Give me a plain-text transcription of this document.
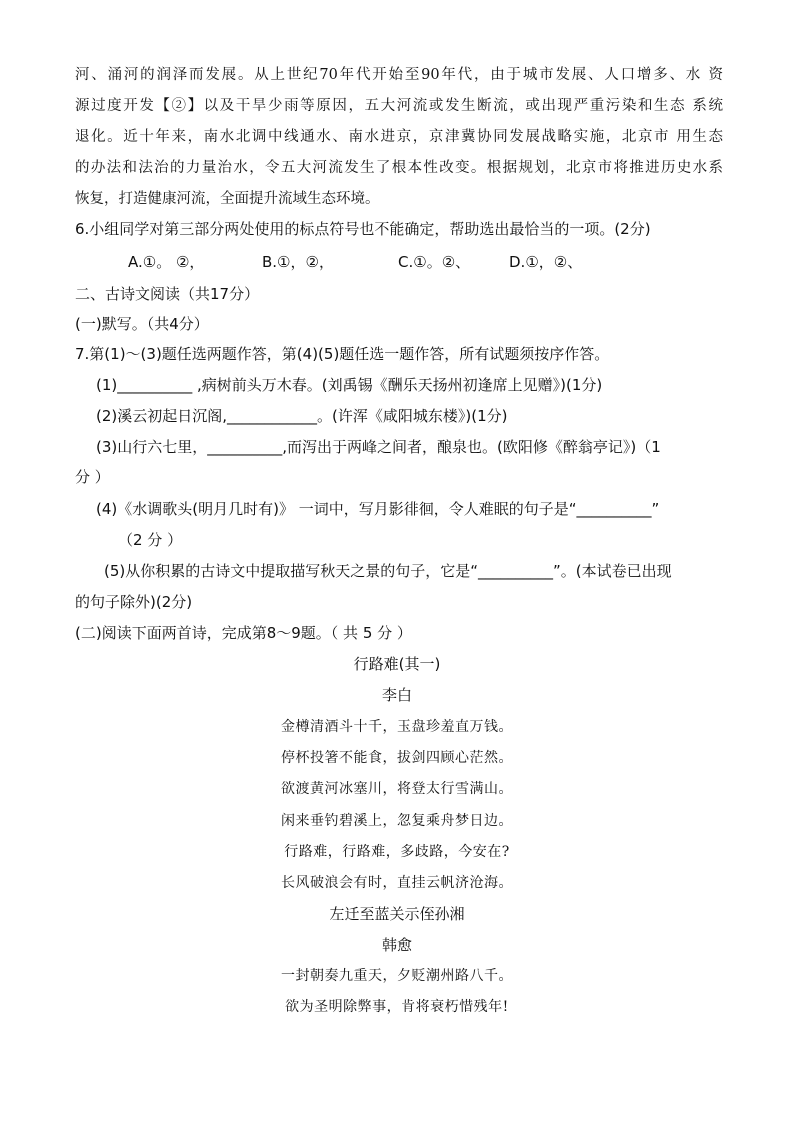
河、涌河的润泽而发展。从上世纪70年代开始至90年代，由于城市发展、人口增多、水 资
源过度开发【②】以及干旱少雨等原因，五大河流或发生断流，或出现严重污染和生态 系统
退化。近十年来，南水北调中线通水、南水进京，京津冀协同发展战略实施，北京市 用生态
的办法和法治的力量治水，令五大河流发生了根本性改变。根据规划，北京市将推进历史水系
恢复，打造健康河流，全面提升流域生态环境。
6.小组同学对第三部分两处使用的标点符号也不能确定，帮助选出最恰当的一项。(2分)
A.①。 ②，	B.①，②，	C.①。②、	D.①，②、
二、古诗文阅读（共17分）
(一)默写。（共4分）
7.第(1)～(3)题任选两题作答，第(4)(5)题任选一题作答，所有试题须按序作答。
(1)__________ ,病树前头万木春。(刘禹锡《酬乐天扬州初逢席上见赠》)(1分)
(2)溪云初起日沉阁,____________。(许浑《咸阳城东楼》)(1分)
(3)山行六七里，__________,而泻出于两峰之间者，酿泉也。(欧阳修《醉翁亭记》)（1
分 ）
(4)《水调歌头(明月几时有)》 一词中，写月影徘徊，令人难眠的句子是“__________”
（2 分 ）
(5)从你积累的古诗文中提取描写秋天之景的句子，它是“__________”。(本试卷已出现
的句子除外)(2分)
(二)阅读下面两首诗，完成第8～9题。（ 共 5 分 ）
行路难(其一)
李白
金樽清酒斗十千，玉盘珍羞直万钱。
停杯投箸不能食，拔剑四顾心茫然。
欲渡黄河冰塞川，将登太行雪满山。
闲来垂钓碧溪上，忽复乘舟梦日边。
行路难，行路难，多歧路，今安在?
长风破浪会有时，直挂云帆济沧海。
左迁至蓝关示侄孙湘
韩愈
一封朝奏九重天，夕贬潮州路八千。
欲为圣明除弊事，肯将衰朽惜残年!
